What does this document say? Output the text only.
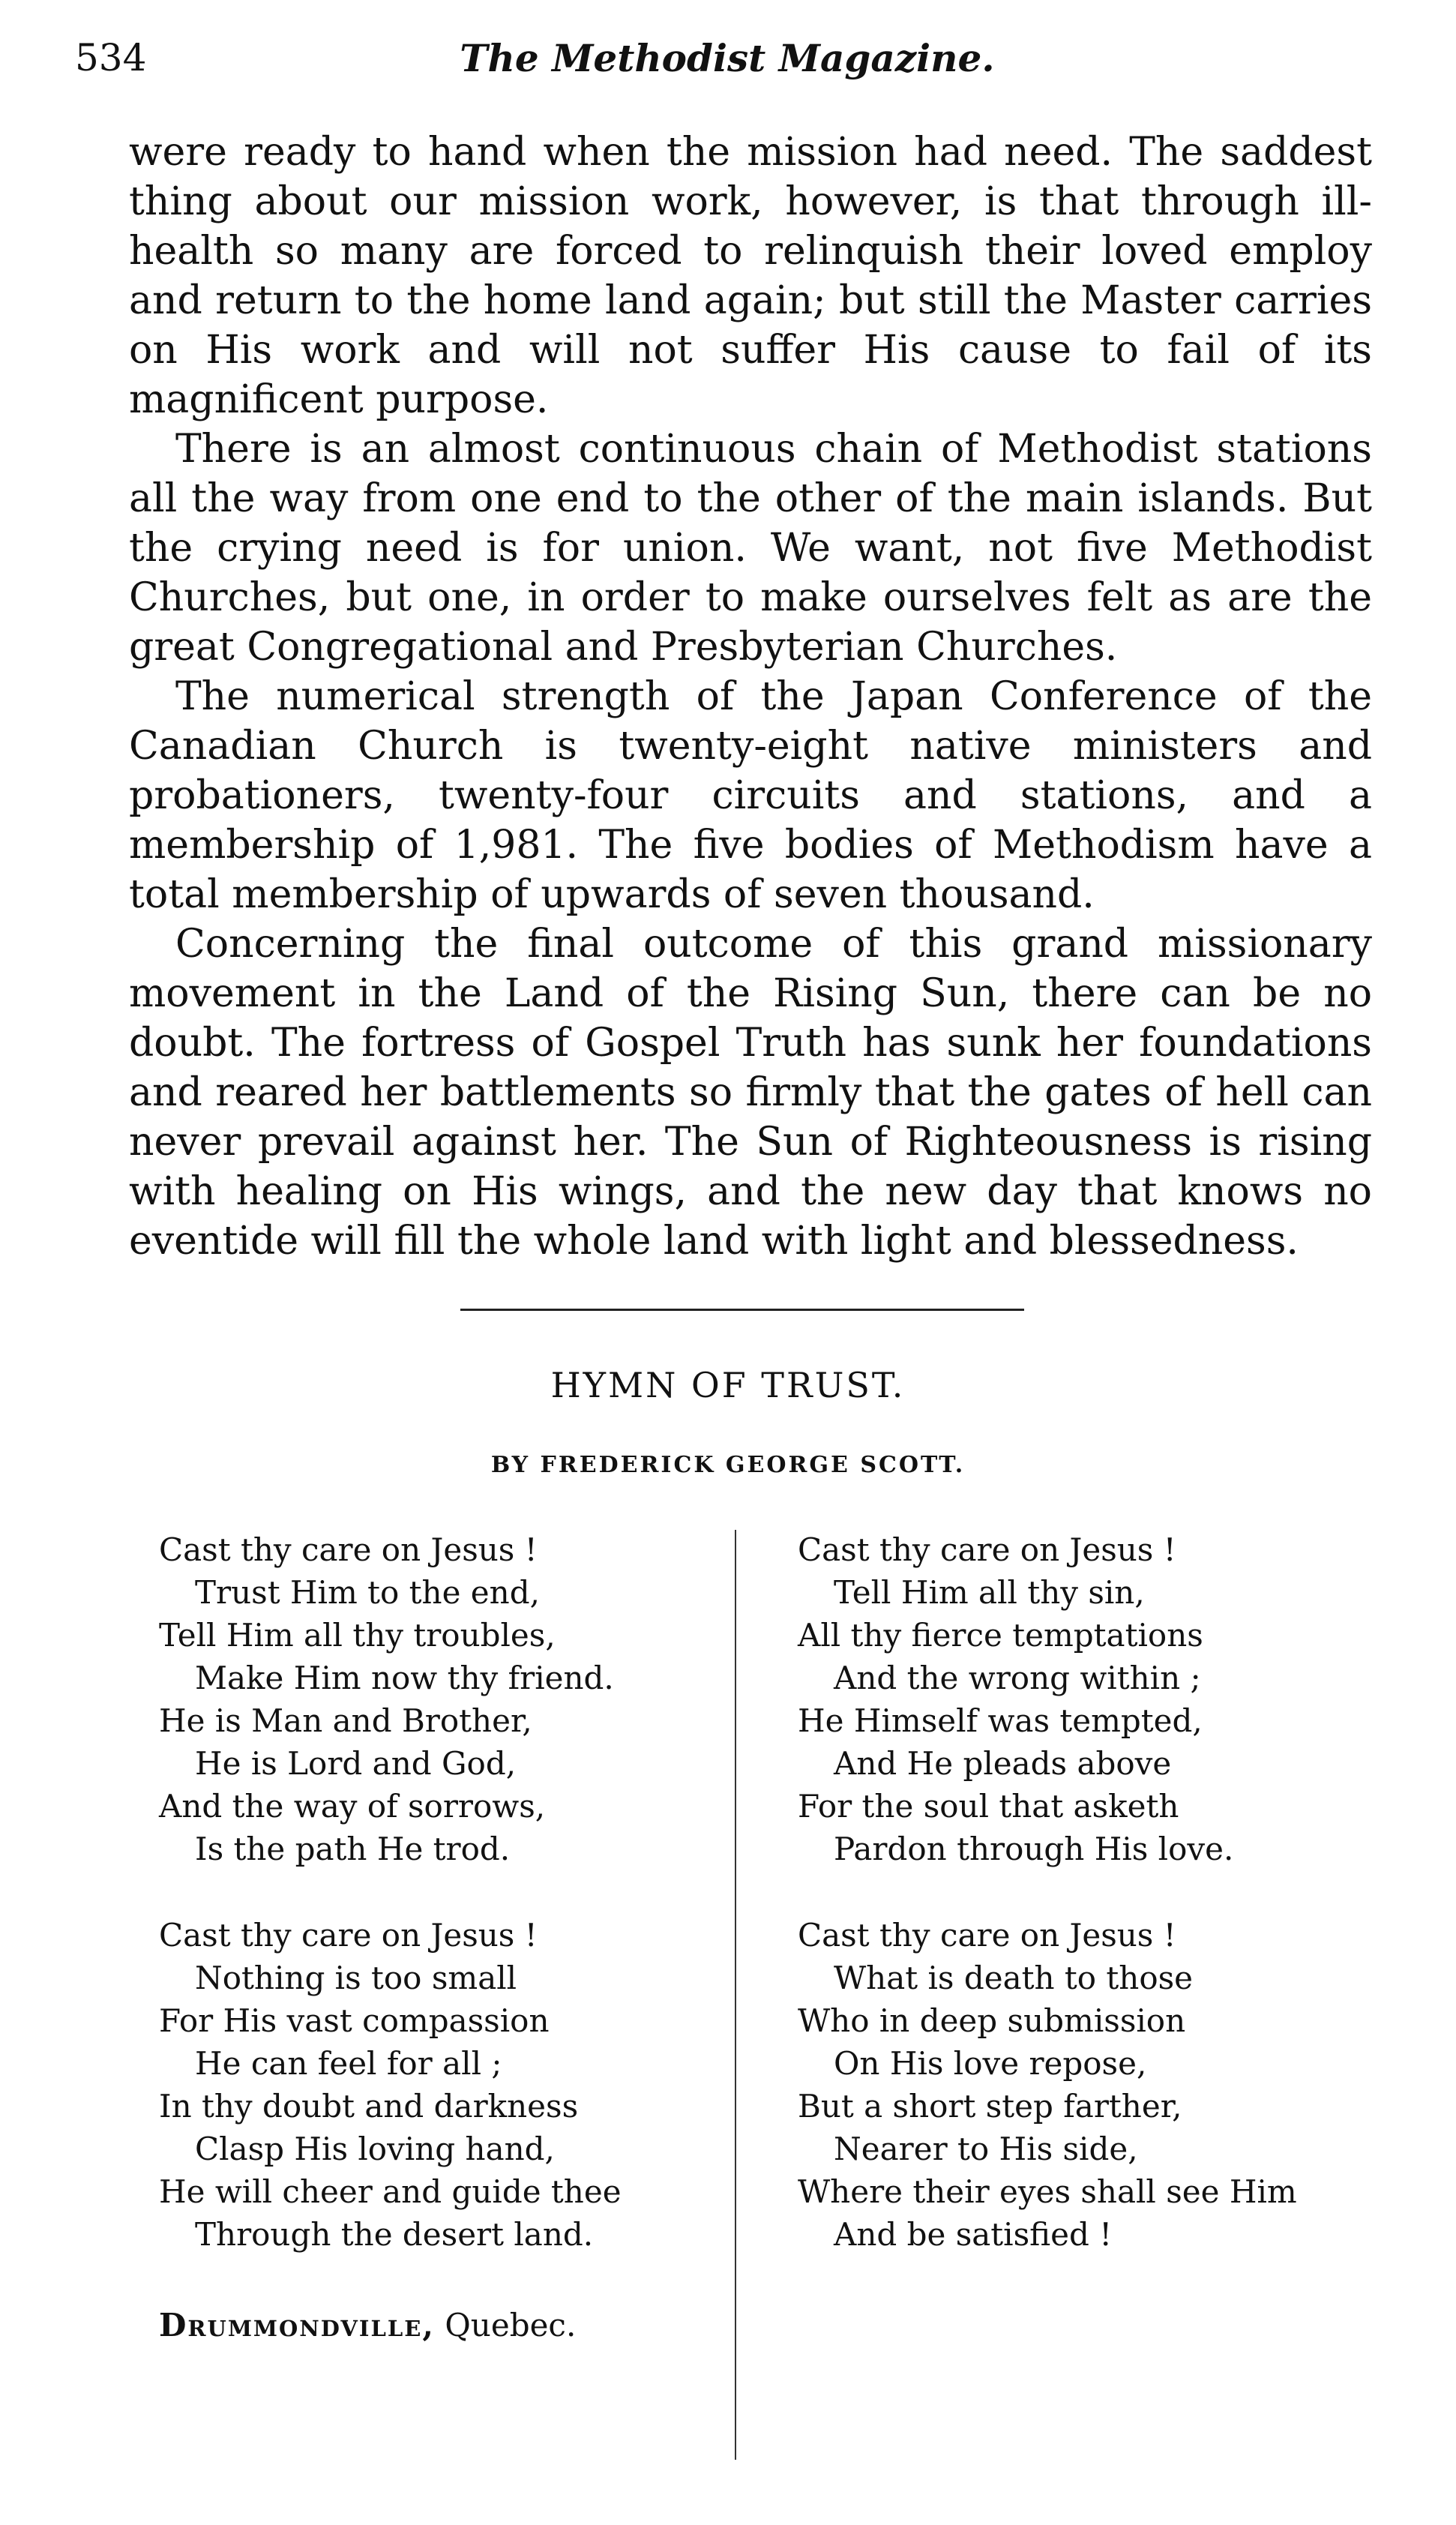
534	The Methodist Magazine.

were ready to hand when the mission had need. The saddest thing about our mission work, however, is that through ill-health so many are forced to relinquish their loved employ and return to the home land again; but still the Master carries on His work and will not suffer His cause to fail of its magnificent purpose.

There is an almost continuous chain of Methodist stations all the way from one end to the other of the main islands. But the crying need is for union. We want, not five Methodist Churches, but one, in order to make ourselves felt as are the great Congregational and Presbyterian Churches.

The numerical strength of the Japan Conference of the Canadian Church is twenty-eight native ministers and probationers, twenty-four circuits and stations, and a membership of 1,981. The five bodies of Methodism have a total membership of upwards of seven thousand.

Concerning the final outcome of this grand missionary movement in the Land of the Rising Sun, there can be no doubt. The fortress of Gospel Truth has sunk her foundations and reared her battlements so firmly that the gates of hell can never prevail against her. The Sun of Righteousness is rising with healing on His wings, and the new day that knows no eventide will fill the whole land with light and blessedness.

HYMN OF TRUST.
BY FREDERICK GEORGE SCOTT.
Cast thy care on Jesus !
Trust Him to the end,
Tell Him all thy troubles,
Make Him now thy friend.
He is Man and Brother,
He is Lord and God,
And the way of sorrows,
Is the path He trod.
Cast thy care on Jesus !
Nothing is too small
For His vast compassion
He can feel for all ;
In thy doubt and darkness
Clasp His loving hand,
He will cheer and guide thee
Through the desert land.
Cast thy care on Jesus !
Tell Him all thy sin,
All thy fierce temptations
And the wrong within ;
He Himself was tempted,
And He pleads above
For the soul that asketh
Pardon through His love.
Cast thy care on Jesus !
What is death to those
Who in deep submission
On His love repose,
But a short step farther,
Nearer to His side,
Where their eyes shall see Him
And be satisfied !
Drummondville, Quebec.
